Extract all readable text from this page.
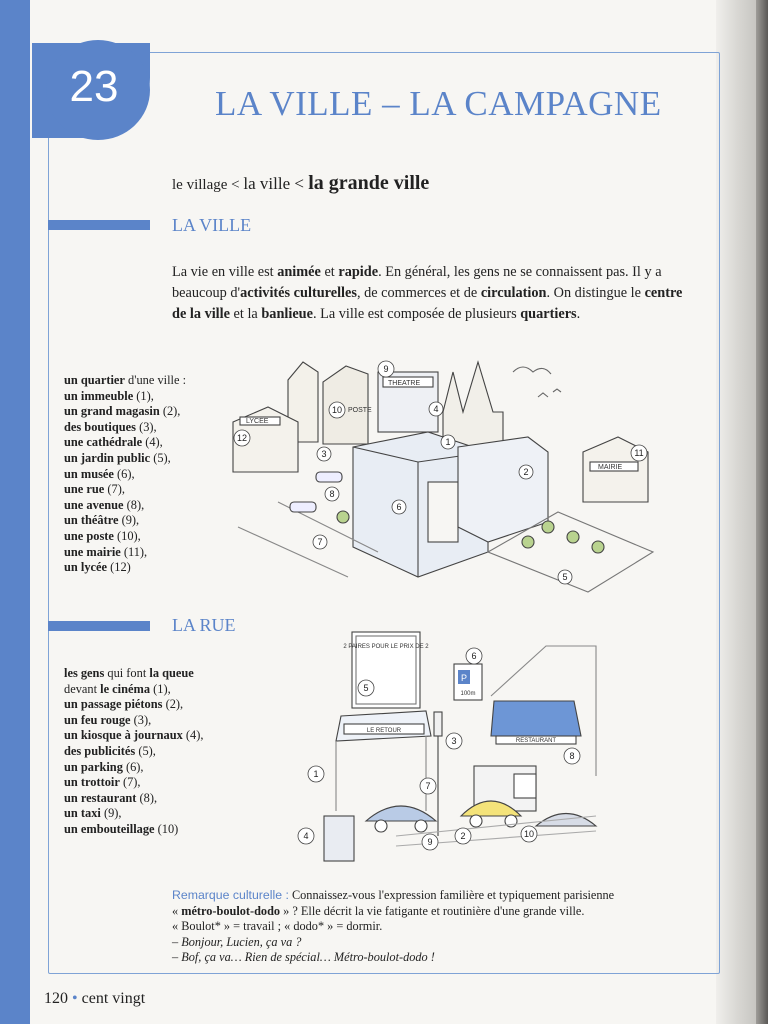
23	LA VILLE – LA CAMPAGNE
le village < la ville < la grande ville
LA VILLE
La vie en ville est animée et rapide. En général, les gens ne se connaissent pas. Il y a beaucoup d'activités culturelles, de commerces et de circulation. On distingue le centre de la ville et la banlieue. La ville est composée de plusieurs quartiers.
un quartier d'une ville :
un immeuble (1),
un grand magasin (2),
des boutiques (3),
une cathédrale (4),
un jardin public (5),
un musée (6),
une rue (7),
une avenue (8),
un théâtre (9),
une poste (10),
une mairie (11),
un lycée (12)
THEATRE
POSTE
LYCEE
MAIRIE
1
2
3
4
5
6
7
8
9
10
11
12
LA RUE
les gens qui font la queue
devant le cinéma (1),
un passage piétons (2),
un feu rouge (3),
un kiosque à journaux (4),
des publicités (5),
un parking (6),
un trottoir (7),
un restaurant (8),
un taxi (9),
un embouteillage (10)
2 PAIRES POUR LE PRIX DE 2
LE RETOUR
RESTAURANT
P
100m
1
2
3
4
5
6
7
8
9
10
Remarque culturelle : Connaissez-vous l'expression familière et typiquement parisienne
« métro-boulot-dodo » ? Elle décrit la vie fatigante et routinière d'une grande ville.
« Boulot* » = travail ; « dodo* » = dormir.
– Bonjour, Lucien, ça va ?
– Bof, ça va… Rien de spécial… Métro-boulot-dodo !
120 • cent vingt
